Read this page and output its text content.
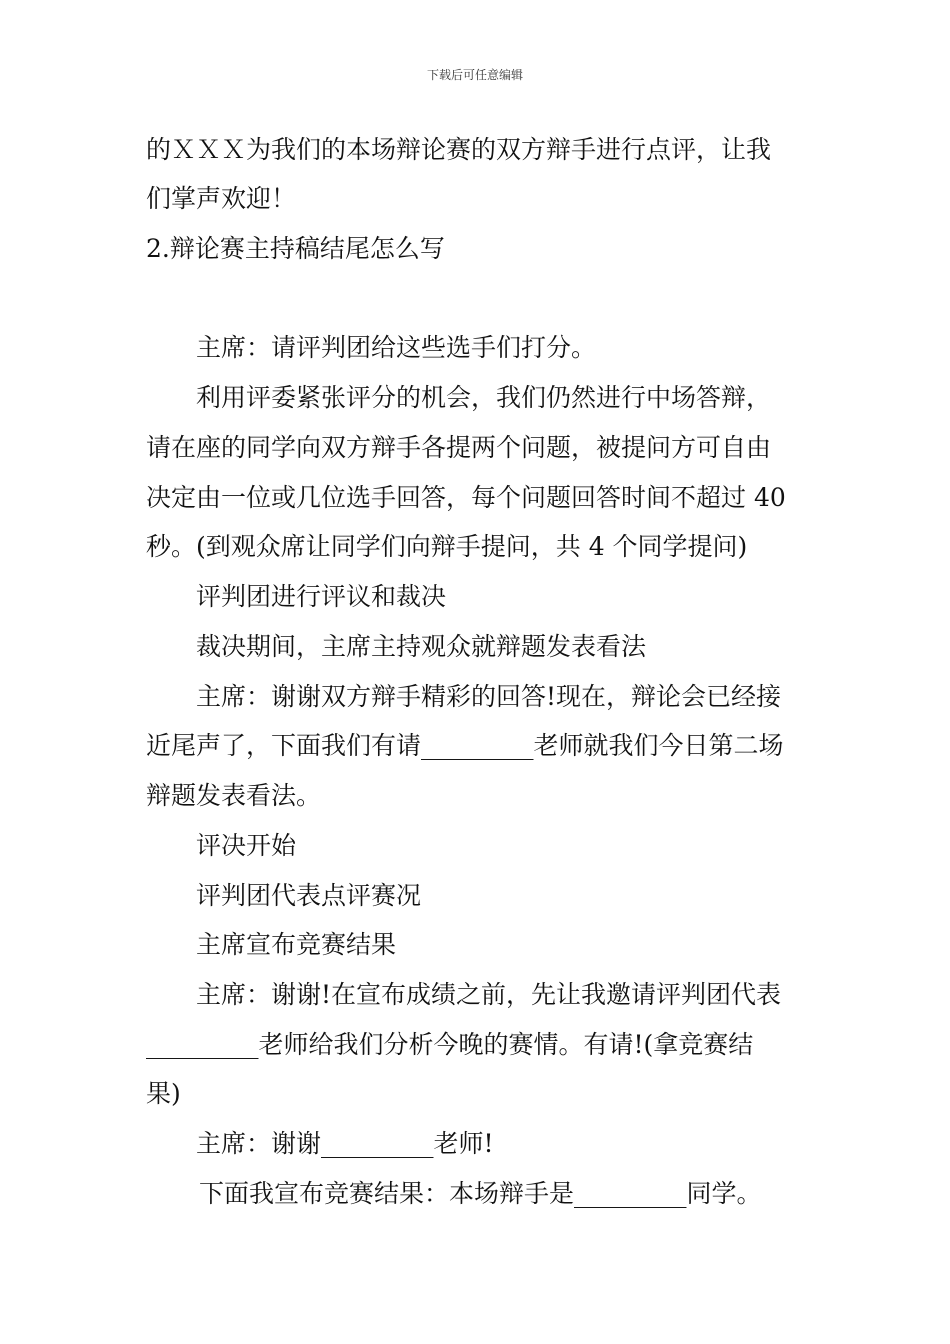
下载后可任意编辑
的ＸＸＸ为我们的本场辩论赛的双方辩手进行点评，让我
们掌声欢迎！
2.辩论赛主持稿结尾怎么写
主席：请评判团给这些选手们打分。
利用评委紧张评分的机会，我们仍然进行中场答辩，
请在座的同学向双方辩手各提两个问题，被提问方可自由
决定由一位或几位选手回答，每个问题回答时间不超过 40
秒。(到观众席让同学们向辩手提问，共 4 个同学提问)
评判团进行评议和裁决
裁决期间，主席主持观众就辩题发表看法
主席：谢谢双方辩手精彩的回答!现在，辩论会已经接
近尾声了，下面我们有请_________老师就我们今日第二场
辩题发表看法。
评决开始
评判团代表点评赛况
主席宣布竞赛结果
主席：谢谢!在宣布成绩之前，先让我邀请评判团代表
_________老师给我们分析今晚的赛情。有请!(拿竞赛结
果)
主席：谢谢_________老师!
下面我宣布竞赛结果：本场辩手是_________同学。
